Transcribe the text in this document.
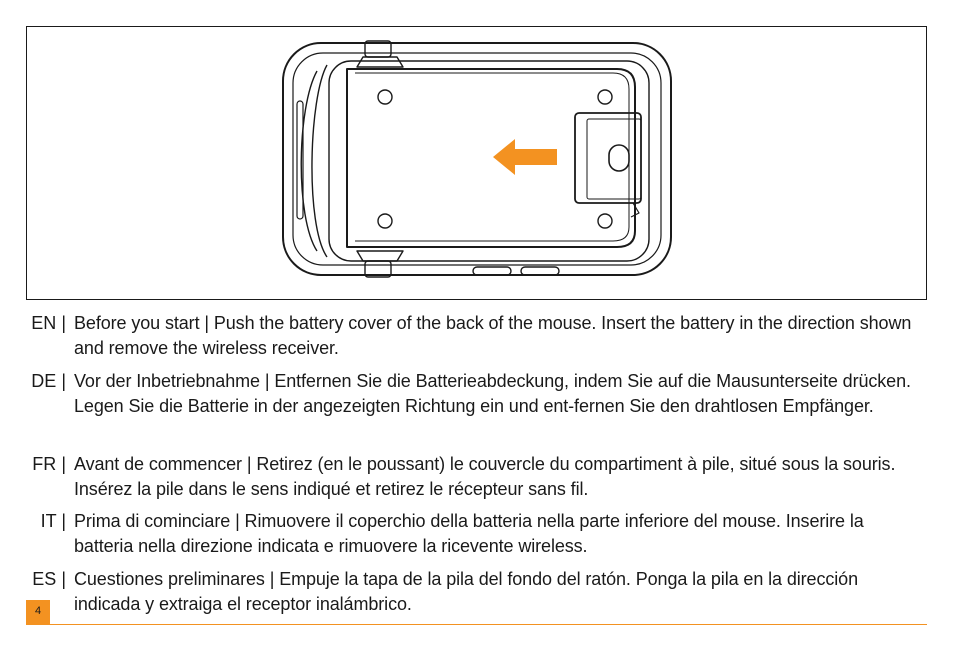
EN | Before you start | Push the battery cover of the back of the mouse. Insert the battery in the direction shown and remove the wireless receiver.
DE | Vor der Inbetriebnahme | Entfernen Sie die Batterieabdeckung, indem Sie auf die Mausunterseite drücken. Legen Sie die Batterie in der angezeigten Richtung ein und ent-fernen Sie den drahtlosen Empfänger.
FR | Avant de commencer | Retirez (en le poussant) le couvercle du compartiment à pile, situé sous la souris. Insérez la pile dans le sens indiqué et retirez le récepteur sans fil.
IT | Prima di cominciare | Rimuovere il coperchio della batteria nella parte inferiore del mouse. Inserire la batteria nella direzione indicata e rimuovere la ricevente wireless.
ES | Cuestiones preliminares | Empuje la tapa de la pila del fondo del ratón. Ponga la pila en la dirección indicada y extraiga el receptor inalámbrico.
4
